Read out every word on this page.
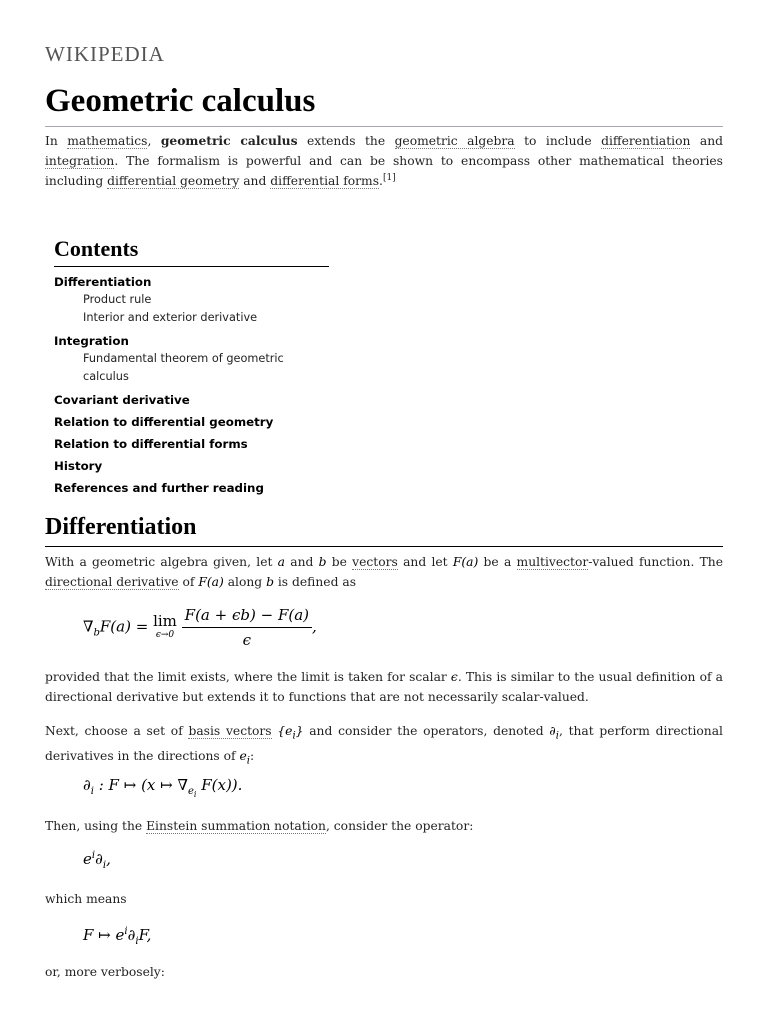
WIKIPEDIA
Geometric calculus

In mathematics, geometric calculus extends the geometric algebra to include differentiation and integration. The formalism is powerful and can be shown to encompass other mathematical theories including differential geometry and differential forms.[1]

Contents
Differentiation
Product rule
Interior and exterior derivative
Integration
Fundamental theorem of geometric calculus
Covariant derivative
Relation to differential geometry
Relation to differential forms
History
References and further reading
Differentiation

With a geometric algebra given, let a and b be vectors and let F(a) be a multivector-valued function. The directional derivative of F(a) along b is defined as

$\nabla_bF(a) = \lim$
ϵ→0
$\frac{F(a + \epsilon b) - F(a)}{\epsilon}$ ,

provided that the limit exists, where the limit is taken for scalar ϵ. This is similar to the usual definition of a directional derivative but extends it to functions that are not necessarily scalar-valued.

Next, choose a set of basis vectors $\{e_i\}$ and consider the operators, denoted $\partial_i$, that perform directional derivatives in the directions of $e_i$:

$\partial_i$ : F ↦ (x ↦ $\nabla_{e_i}$ F(x)).

Then, using the Einstein summation notation, consider the operator:

$e^i\partial_i$,

which means

F ↦ $e^i\partial_iF$,

or, more verbosely:
